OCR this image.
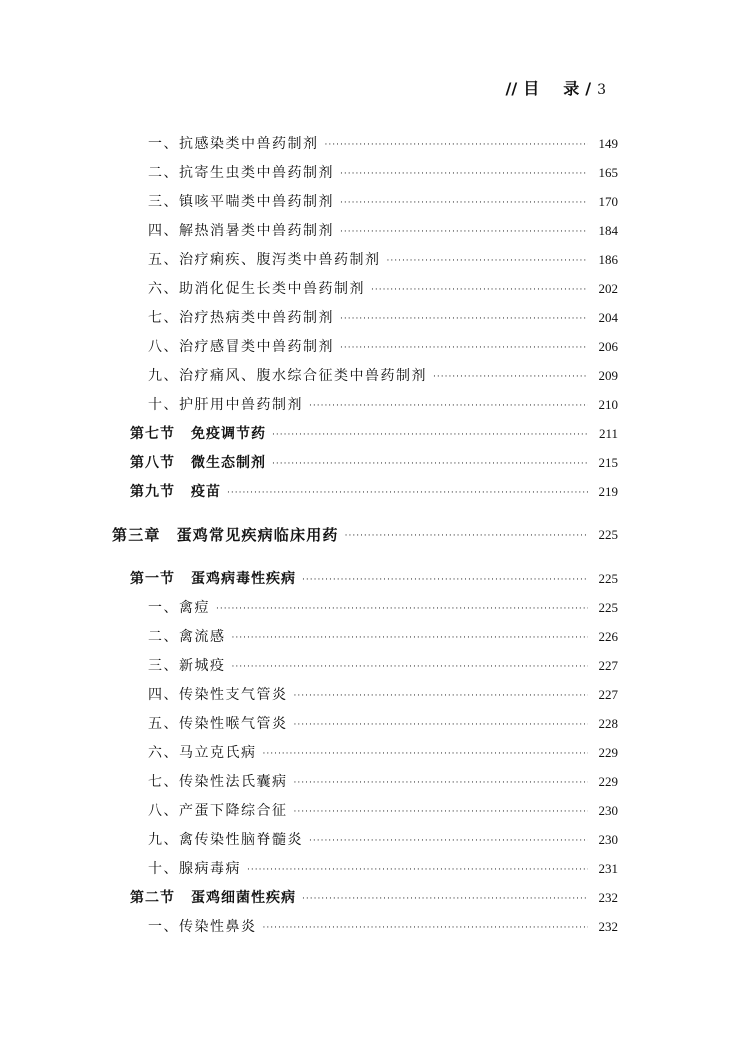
// 目 录 / 3
一、抗感染类中兽药制剂 ·····	149
二、抗寄生虫类中兽药制剂 ·····	165
三、镇咳平喘类中兽药制剂 ·····	170
四、解热消暑类中兽药制剂 ·····	184
五、治疗痢疾、腹泻类中兽药制剂 ·····	186
六、助消化促生长类中兽药制剂 ·····	202
七、治疗热病类中兽药制剂 ·····	204
八、治疗感冒类中兽药制剂 ·····	206
九、治疗痛风、腹水综合征类中兽药制剂 ·····	209
十、护肝用中兽药制剂 ·····	210
第七节 免疫调节药 ·····	211
第八节 微生态制剂 ·····	215
第九节 疫苗 ·····	219
第三章 蛋鸡常见疾病临床用药 ·····	225
第一节 蛋鸡病毒性疾病 ·····	225
一、禽痘 ·····	225
二、禽流感 ·····	226
三、新城疫 ·····	227
四、传染性支气管炎 ·····	227
五、传染性喉气管炎 ·····	228
六、马立克氏病 ·····	229
七、传染性法氏囊病 ·····	229
八、产蛋下降综合征 ·····	230
九、禽传染性脑脊髓炎 ·····	230
十、腺病毒病 ·····	231
第二节 蛋鸡细菌性疾病 ·····	232
一、传染性鼻炎 ·····	232
